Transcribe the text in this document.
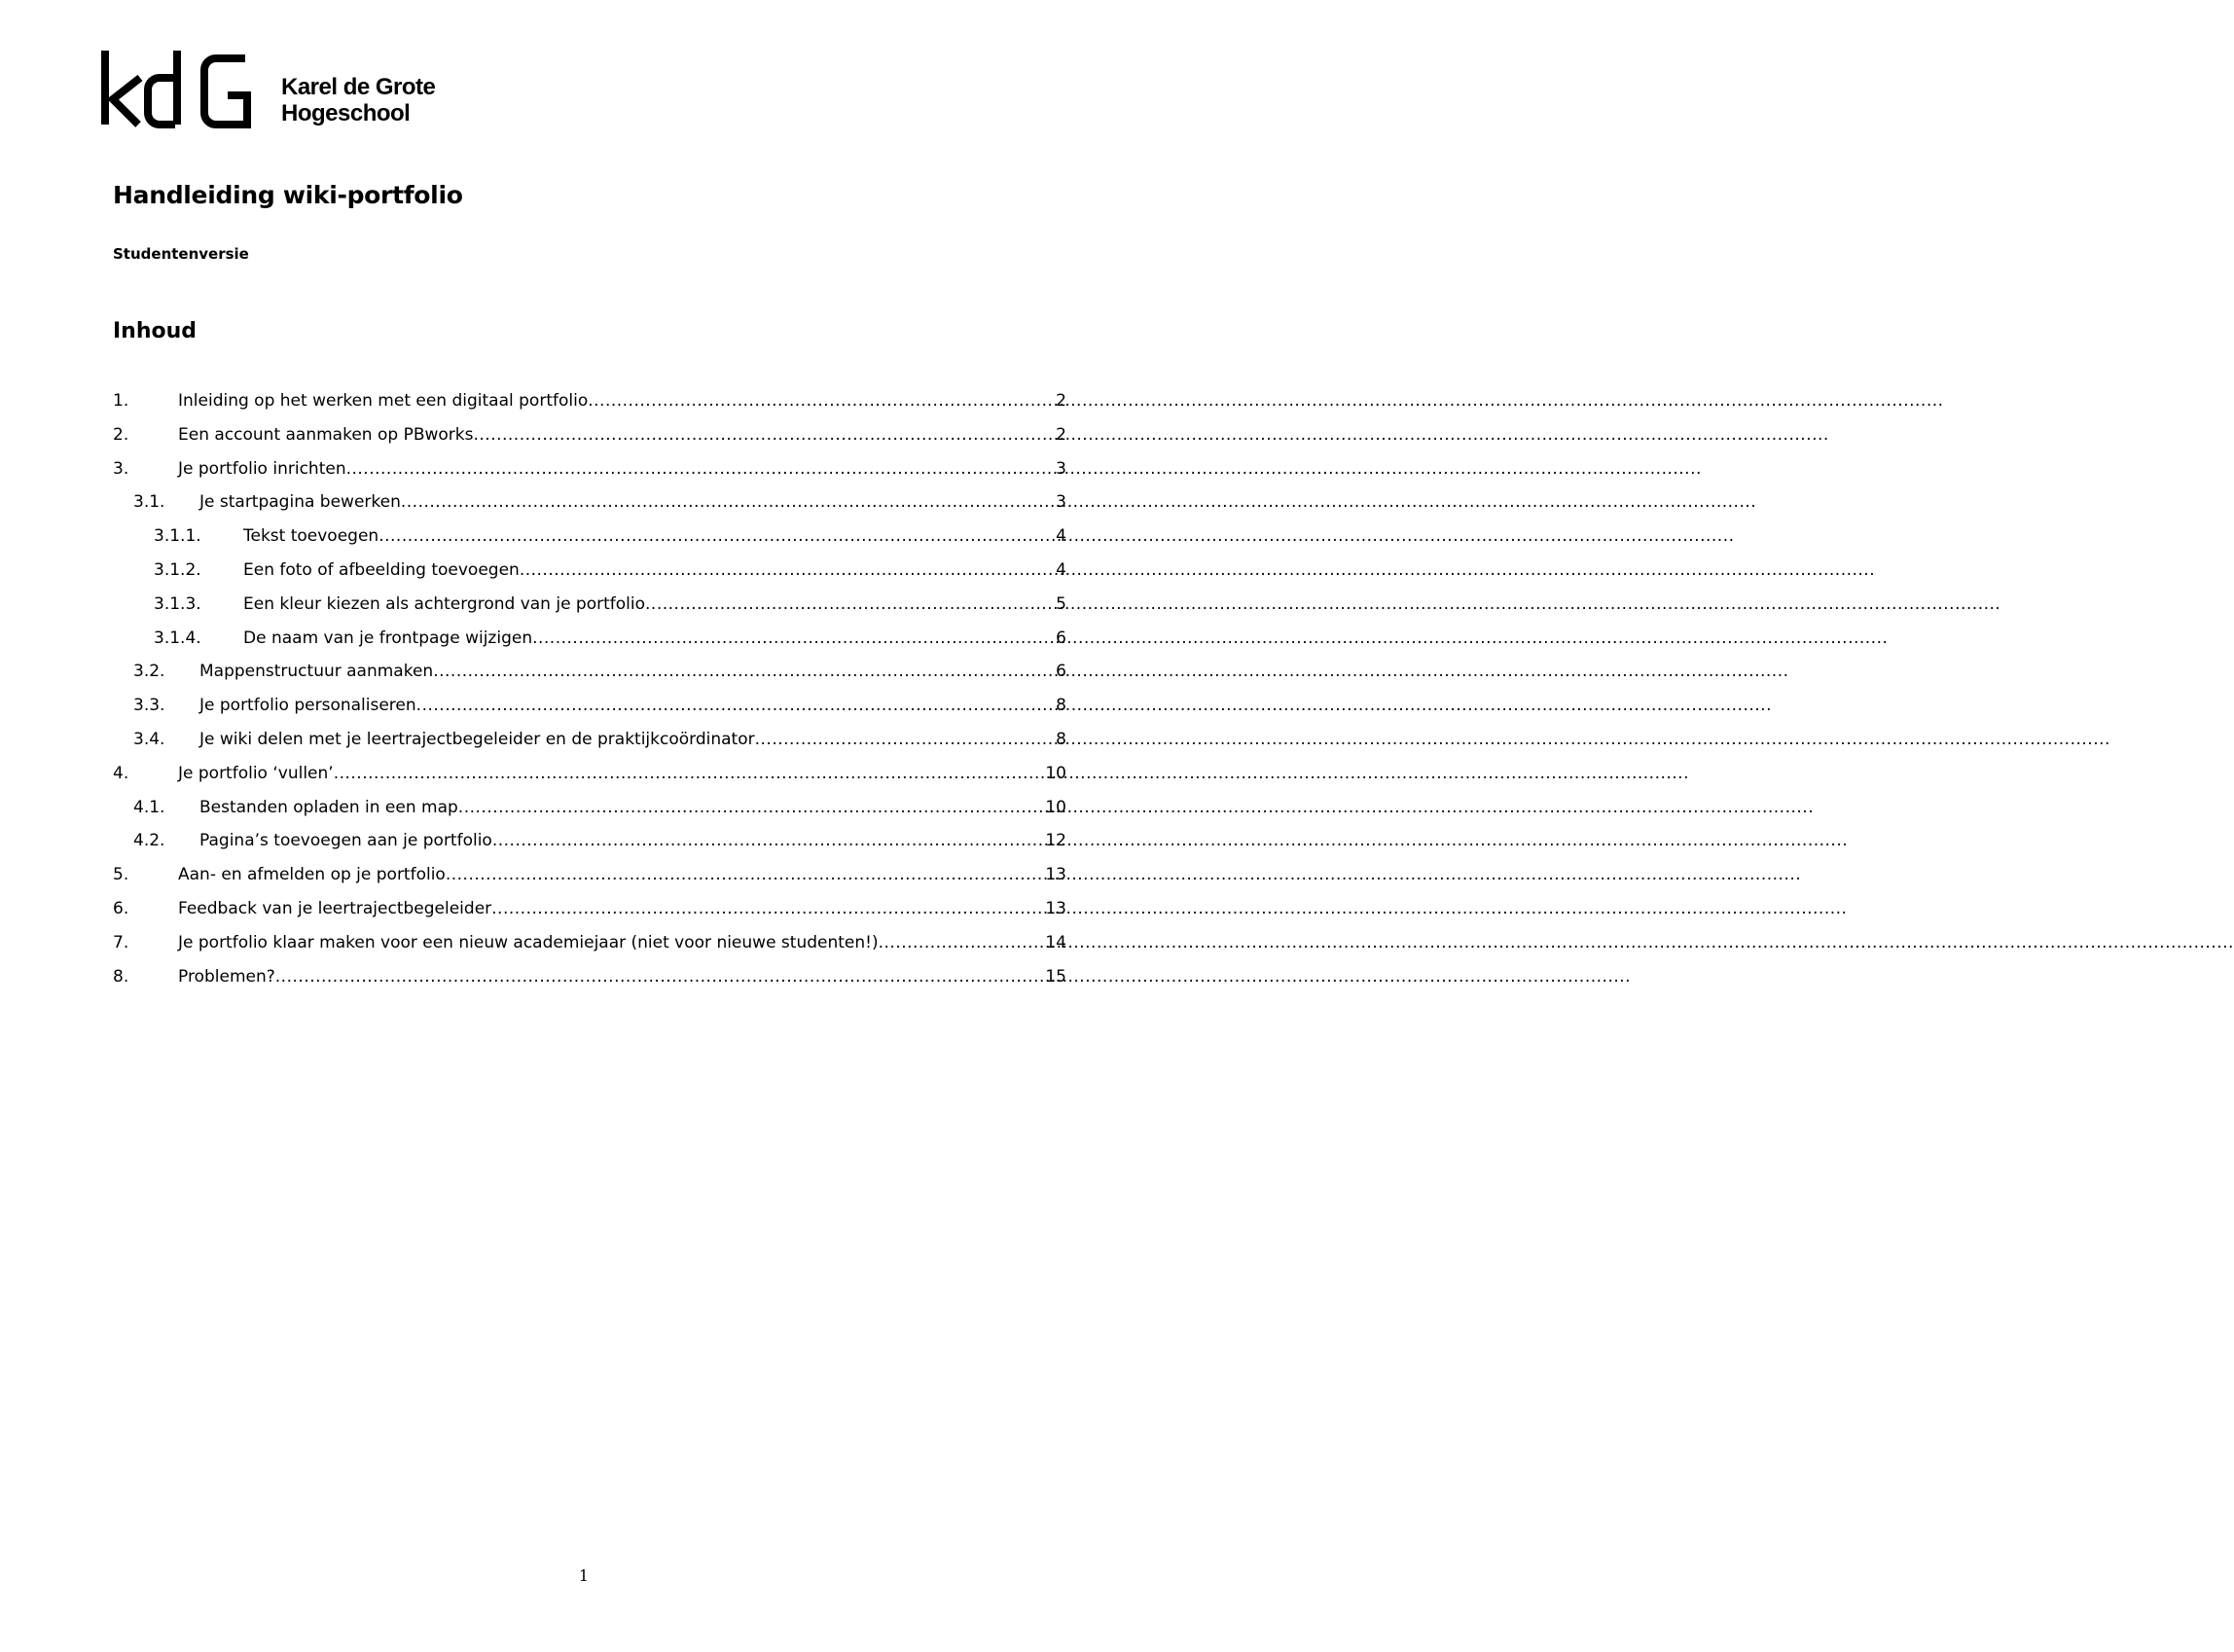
Karel de Grote
Hogeschool
Handleiding wiki-portfolio
Studentenversie
Inhoud
1.	Inleiding op het werken met een digitaal portfolio .....	2
2.	Een account aanmaken op PBworks .....	2
3.	Je portfolio inrichten .....	3
3.1.	Je startpagina bewerken .....	3
3.1.1.	Tekst toevoegen .....	4
3.1.2.	Een foto of afbeelding toevoegen .....	4
3.1.3.	Een kleur kiezen als achtergrond van je portfolio .....	5
3.1.4.	De naam van je frontpage wijzigen .....	6
3.2.	Mappenstructuur aanmaken .....	6
3.3.	Je portfolio personaliseren .....	8
3.4.	Je wiki delen met je leertrajectbegeleider en de praktijkcoördinator .....	8
4.	Je portfolio ‘vullen’ .....	10
4.1.	Bestanden opladen in een map .....	10
4.2.	Pagina’s toevoegen aan je portfolio .....	12
5.	Aan- en afmelden op je portfolio .....	13
6.	Feedback van je leertrajectbegeleider .....	13
7.	Je portfolio klaar maken voor een nieuw academiejaar (niet voor nieuwe studenten!) .....	14
8.	Problemen? .....	15
1
